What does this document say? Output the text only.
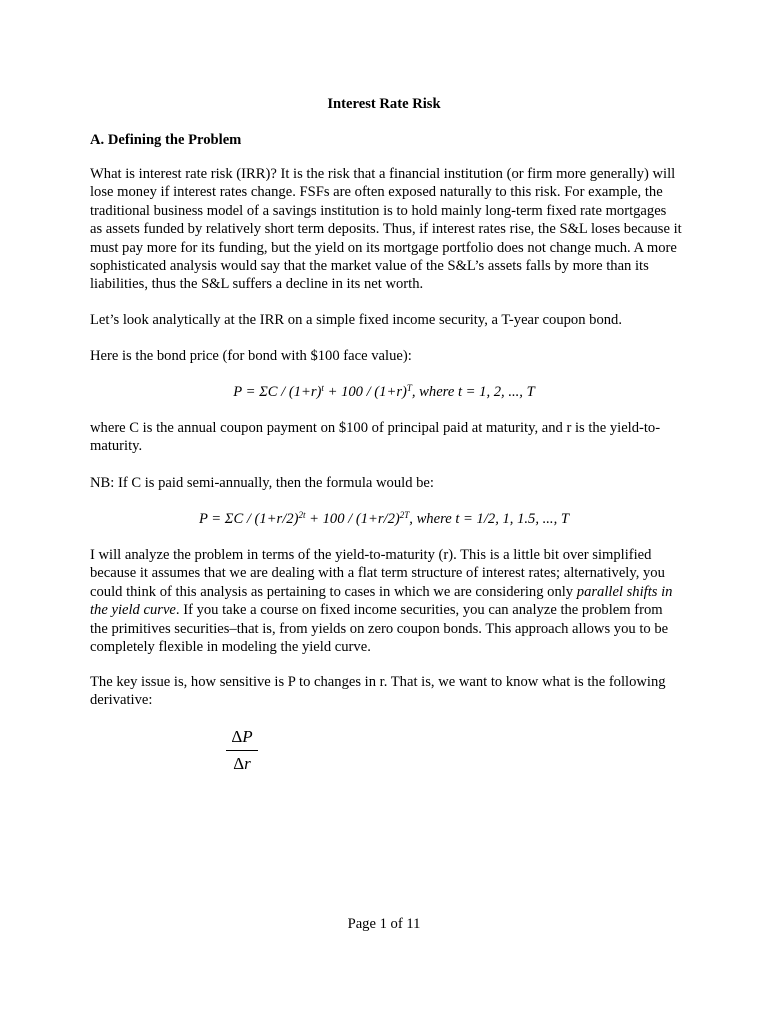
Interest Rate Risk

A. Defining the Problem

What is interest rate risk (IRR)? It is the risk that a financial institution (or firm more generally) will lose money if interest rates change. FSFs are often exposed naturally to this risk. For example, the traditional business model of a savings institution is to hold mainly long-term fixed rate mortgages as assets funded by relatively short term deposits. Thus, if interest rates rise, the S&L loses because it must pay more for its funding, but the yield on its mortgage portfolio does not change much. A more sophisticated analysis would say that the market value of the S&L’s assets falls by more than its liabilities, thus the S&L suffers a decline in its net worth.

Let’s look analytically at the IRR on a simple fixed income security, a T-year coupon bond.

Here is the bond price (for bond with $100 face value):

$P = \Sigma C / (1+r)^t + 100 / (1+r)^T$, where t = 1, 2, ..., T

where C is the annual coupon payment on $100 of principal paid at maturity, and r is the yield-to-maturity.

NB: If C is paid semi-annually, then the formula would be:

$P = \Sigma C / (1+r/2)^{2t} + 100 / (1+r/2)^{2T}$, where t = 1/2, 1, 1.5, ..., T

I will analyze the problem in terms of the yield-to-maturity (r). This is a little bit over simplified because it assumes that we are dealing with a flat term structure of interest rates; alternatively, you could think of this analysis as pertaining to cases in which we are considering only parallel shifts in the yield curve. If you take a course on fixed income securities, you can analyze the problem from the primitives securities–that is, from yields on zero coupon bonds. This approach allows you to be completely flexible in modeling the yield curve.

The key issue is, how sensitive is P to changes in r. That is, we want to know what is the following derivative:

ΔP
Δr

Page 1 of 11
